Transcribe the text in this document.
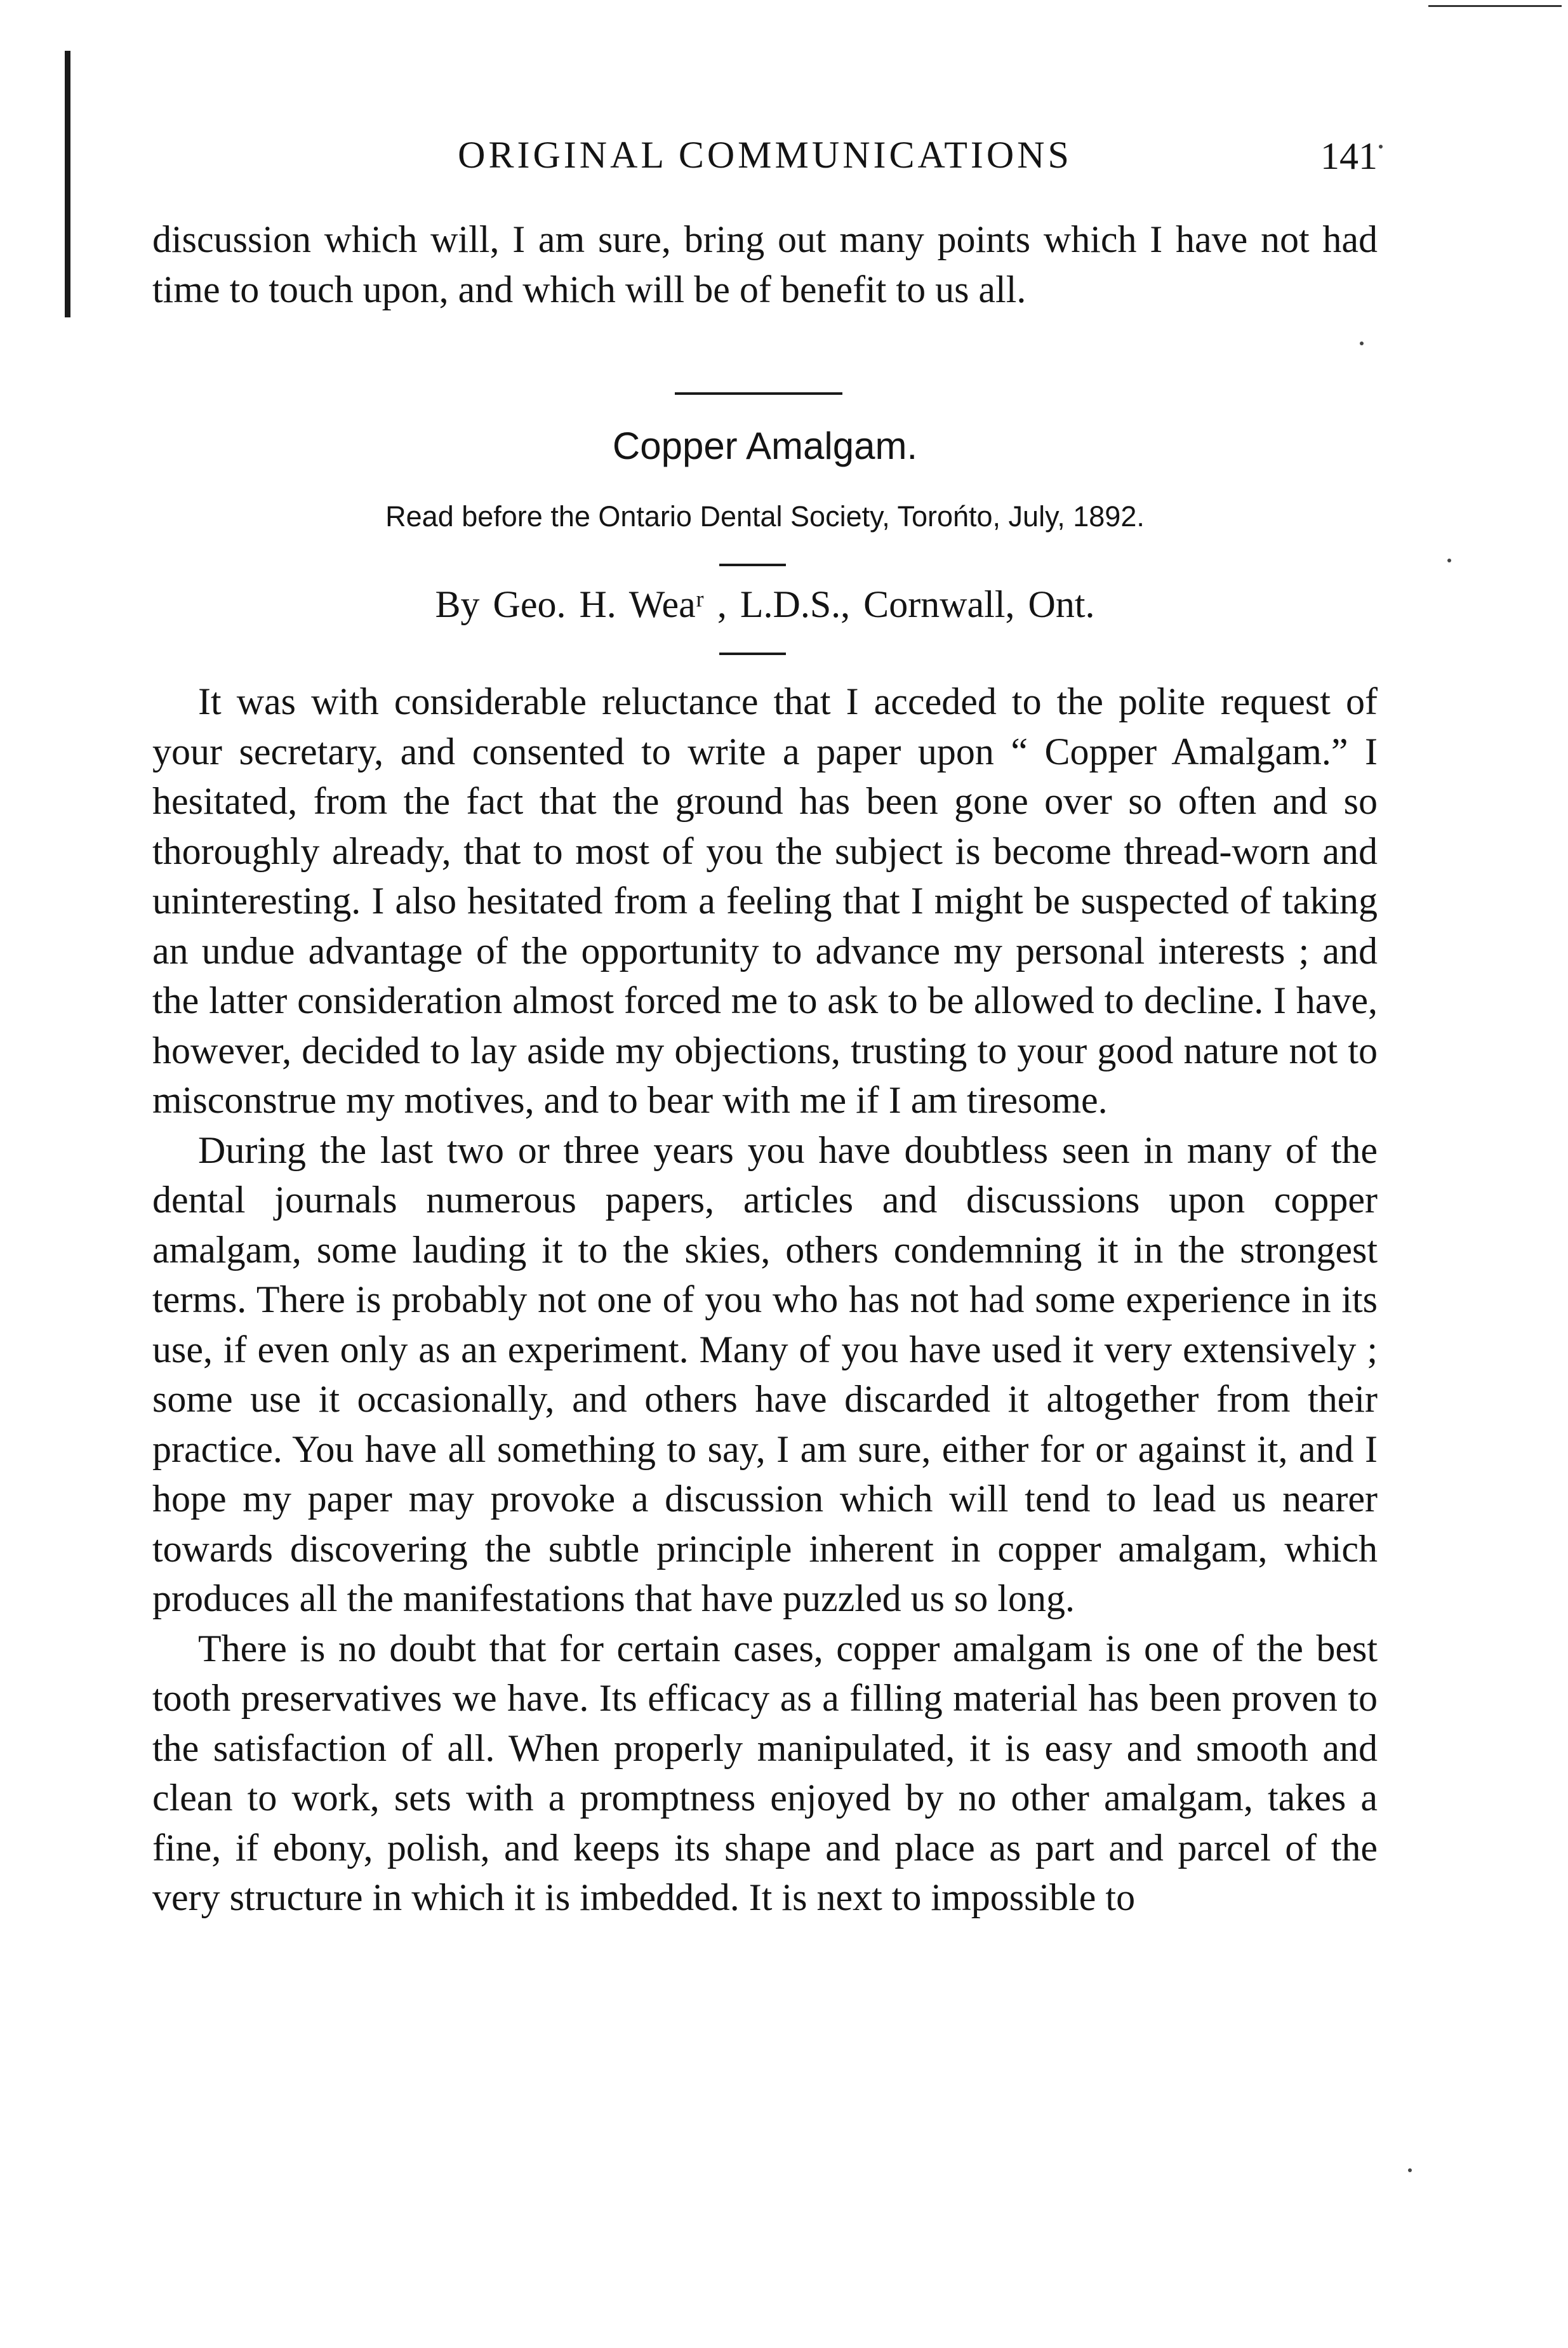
ORIGINAL COMMUNICATIONS	141

discussion which will, I am sure, bring out many points which I have not had time to touch upon, and which will be of benefit to us all.

Copper Amalgam.
Read before the Ontario Dental Society, Torońto, July, 1892.
By Geo. H. Weaʳ , L.D.S., Cornwall, Ont.

It was with considerable reluctance that I acceded to the polite request of your secretary, and consented to write a paper upon “ Copper Amalgam.” I hesitated, from the fact that the ground has been gone over so often and so thoroughly already, that to most of you the subject is become thread-worn and uninteresting. I also hesitated from a feeling that I might be suspected of taking an undue advantage of the opportunity to advance my personal interests ; and the latter consideration almost forced me to ask to be allowed to decline. I have, however, decided to lay aside my objections, trusting to your good nature not to misconstrue my motives, and to bear with me if I am tiresome.

During the last two or three years you have doubtless seen in many of the dental journals numerous papers, articles and discussions upon copper amalgam, some lauding it to the skies, others condemning it in the strongest terms. There is probably not one of you who has not had some experience in its use, if even only as an experiment. Many of you have used it very extensively ; some use it occasionally, and others have discarded it altogether from their practice. You have all something to say, I am sure, either for or against it, and I hope my paper may provoke a discussion which will tend to lead us nearer towards discovering the subtle principle inherent in copper amalgam, which produces all the manifestations that have puzzled us so long.

There is no doubt that for certain cases, copper amalgam is one of the best tooth preservatives we have. Its efficacy as a filling material has been proven to the satisfaction of all. When properly manipulated, it is easy and smooth and clean to work, sets with a promptness enjoyed by no other amalgam, takes a fine, if ebony, polish, and keeps its shape and place as part and parcel of the very structure in which it is imbedded. It is next to impossible to
